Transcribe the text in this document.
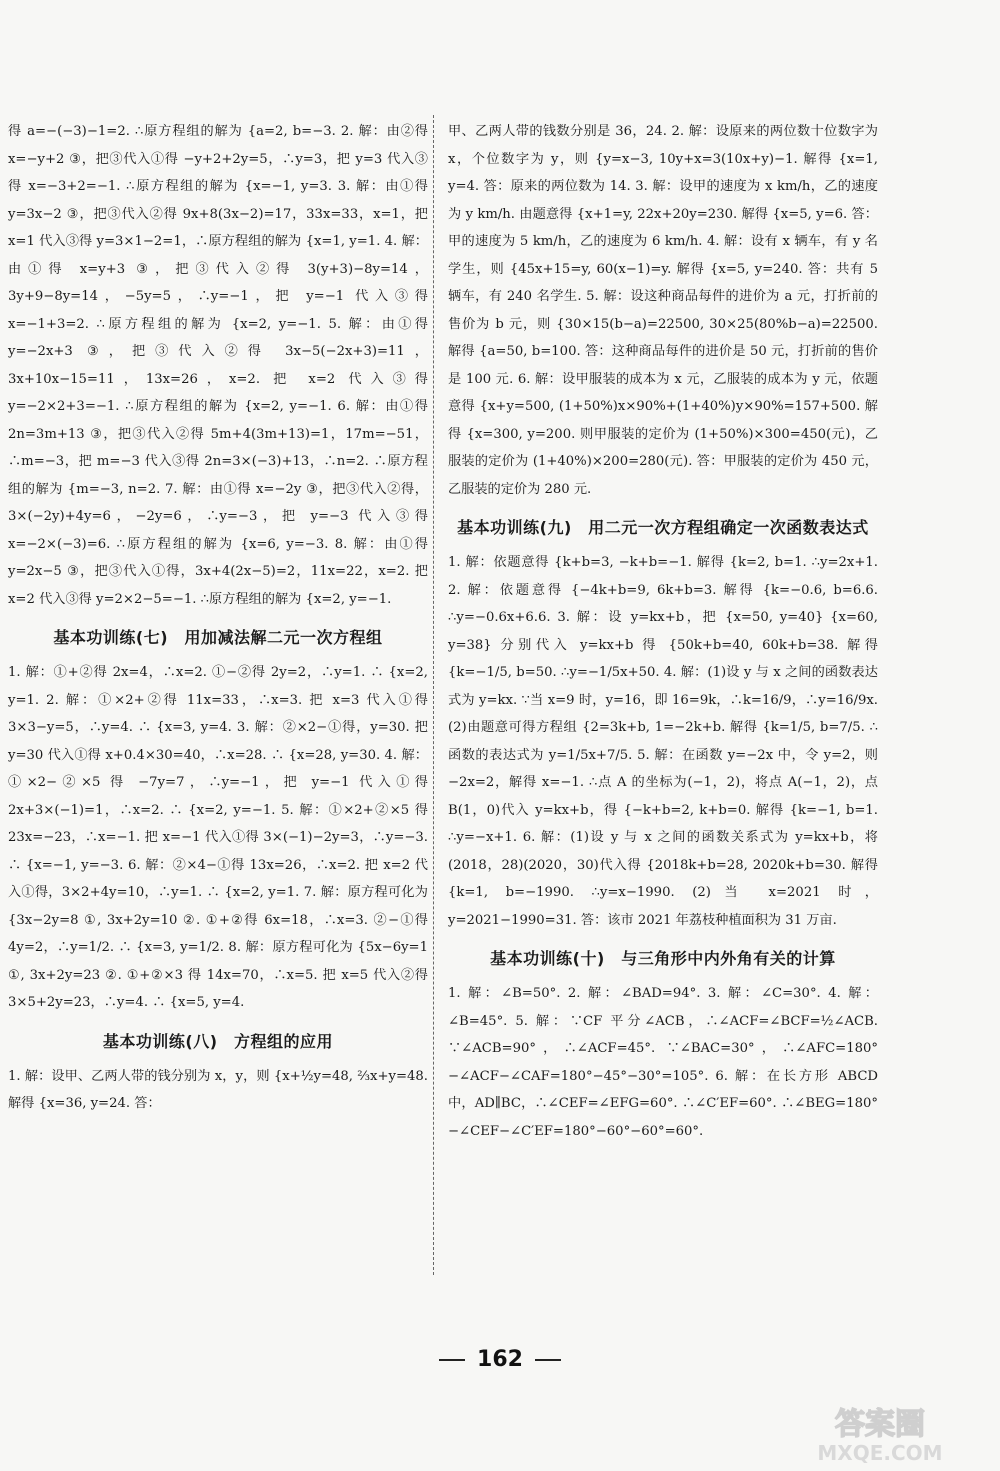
得 a=−(−3)−1=2. ∴原方程组的解为 {a=2, b=−3. 2. 解：由②得 x=−y+2 ③，把③代入①得 −y+2+2y=5，∴y=3，把 y=3 代入③得 x=−3+2=−1. ∴原方程组的解为 {x=−1, y=3. 3. 解：由①得 y=3x−2 ③，把③代入②得 9x+8(3x−2)=17，33x=33，x=1，把 x=1 代入③得 y=3×1−2=1，∴原方程组的解为 {x=1, y=1. 4. 解：由①得 x=y+3 ③，把③代入②得 3(y+3)−8y=14，3y+9−8y=14，−5y=5，∴y=−1，把 y=−1 代入③得 x=−1+3=2. ∴原方程组的解为 {x=2, y=−1. 5. 解：由①得 y=−2x+3 ③，把③代入②得 3x−5(−2x+3)=11，3x+10x−15=11，13x=26，x=2. 把 x=2 代入③得 y=−2×2+3=−1. ∴原方程组的解为 {x=2, y=−1. 6. 解：由①得 2n=3m+13 ③，把③代入②得 5m+4(3m+13)=1，17m=−51，∴m=−3，把 m=−3 代入③得 2n=3×(−3)+13，∴n=2. ∴原方程组的解为 {m=−3, n=2. 7. 解：由①得 x=−2y ③，把③代入②得，3×(−2y)+4y=6，−2y=6，∴y=−3，把 y=−3 代入③得 x=−2×(−3)=6. ∴原方程组的解为 {x=6, y=−3. 8. 解：由①得 y=2x−5 ③，把③代入①得，3x+4(2x−5)=2，11x=22，x=2. 把 x=2 代入③得 y=2×2−5=−1. ∴原方程组的解为 {x=2, y=−1.

基本功训练(七)　用加减法解二元一次方程组

1. 解：①+②得 2x=4，∴x=2. ①−②得 2y=2，∴y=1. ∴ {x=2, y=1. 2. 解：①×2+②得 11x=33，∴x=3. 把 x=3 代入①得 3×3−y=5，∴y=4. ∴ {x=3, y=4. 3. 解：②×2−①得，y=30. 把 y=30 代入①得 x+0.4×30=40，∴x=28. ∴ {x=28, y=30. 4. 解：①×2−②×5 得 −7y=7，∴y=−1，把 y=−1 代入①得 2x+3×(−1)=1，∴x=2. ∴ {x=2, y=−1. 5. 解：①×2+②×5 得 23x=−23，∴x=−1. 把 x=−1 代入①得 3×(−1)−2y=3，∴y=−3. ∴ {x=−1, y=−3. 6. 解：②×4−①得 13x=26，∴x=2. 把 x=2 代入①得，3×2+4y=10，∴y=1. ∴ {x=2, y=1. 7. 解：原方程可化为 {3x−2y=8 ①, 3x+2y=10 ②. ①+②得 6x=18，∴x=3. ②−①得 4y=2，∴y=1/2. ∴ {x=3, y=1/2. 8. 解：原方程可化为 {5x−6y=1 ①, 3x+2y=23 ②. ①+②×3 得 14x=70，∴x=5. 把 x=5 代入②得 3×5+2y=23，∴y=4. ∴ {x=5, y=4.

基本功训练(八)　方程组的应用

1. 解：设甲、乙两人带的钱分别为 x，y，则 {x+½y=48, ⅔x+y=48. 解得 {x=36, y=24. 答：

甲、乙两人带的钱数分别是 36，24. 2. 解：设原来的两位数十位数字为 x，个位数字为 y，则 {y=x−3, 10y+x=3(10x+y)−1. 解得 {x=1, y=4. 答：原来的两位数为 14. 3. 解：设甲的速度为 x km/h，乙的速度为 y km/h. 由题意得 {x+1=y, 22x+20y=230. 解得 {x=5, y=6. 答：甲的速度为 5 km/h，乙的速度为 6 km/h. 4. 解：设有 x 辆车，有 y 名学生，则 {45x+15=y, 60(x−1)=y. 解得 {x=5, y=240. 答：共有 5 辆车，有 240 名学生. 5. 解：设这种商品每件的进价为 a 元，打折前的售价为 b 元，则 {30×15(b−a)=22500, 30×25(80%b−a)=22500. 解得 {a=50, b=100. 答：这种商品每件的进价是 50 元，打折前的售价是 100 元. 6. 解：设甲服装的成本为 x 元，乙服装的成本为 y 元，依题意得 {x+y=500, (1+50%)x×90%+(1+40%)y×90%=157+500. 解得 {x=300, y=200. 则甲服装的定价为 (1+50%)×300=450(元)，乙服装的定价为 (1+40%)×200=280(元). 答：甲服装的定价为 450 元，乙服装的定价为 280 元.

基本功训练(九)　用二元一次方程组确定一次函数表达式

1. 解：依题意得 {k+b=3, −k+b=−1. 解得 {k=2, b=1. ∴y=2x+1. 2. 解：依题意得 {−4k+b=9, 6k+b=3. 解得 {k=−0.6, b=6.6. ∴y=−0.6x+6.6. 3. 解：设 y=kx+b，把 {x=50, y=40} {x=60, y=38} 分别代入 y=kx+b 得 {50k+b=40, 60k+b=38. 解得 {k=−1/5, b=50. ∴y=−1/5x+50. 4. 解：(1)设 y 与 x 之间的函数表达式为 y=kx. ∵当 x=9 时，y=16，即 16=9k，∴k=16/9，∴y=16/9x. (2)由题意可得方程组 {2=3k+b, 1=−2k+b. 解得 {k=1/5, b=7/5. ∴函数的表达式为 y=1/5x+7/5. 5. 解：在函数 y=−2x 中，令 y=2，则 −2x=2，解得 x=−1. ∴点 A 的坐标为(−1，2)，将点 A(−1，2)，点 B(1，0)代入 y=kx+b，得 {−k+b=2, k+b=0. 解得 {k=−1, b=1. ∴y=−x+1. 6. 解：(1)设 y 与 x 之间的函数关系式为 y=kx+b，将(2018，28)(2020，30)代入得 {2018k+b=28, 2020k+b=30. 解得 {k=1, b=−1990. ∴y=x−1990. (2)当 x=2021 时，y=2021−1990=31. 答：该市 2021 年荔枝种植面积为 31 万亩.

基本功训练(十)　与三角形中内外角有关的计算

1. 解：∠B=50°. 2. 解：∠BAD=94°. 3. 解：∠C=30°. 4. 解：∠B=45°. 5. 解：∵CF 平分∠ACB，∴∠ACF=∠BCF=½∠ACB. ∵∠ACB=90°，∴∠ACF=45°. ∵∠BAC=30°，∴∠AFC=180°−∠ACF−∠CAF=180°−45°−30°=105°. 6. 解：在长方形 ABCD 中，AD∥BC，∴∠CEF=∠EFG=60°. ∴∠C′EF=60°. ∴∠BEG=180°−∠CEF−∠C′EF=180°−60°−60°=60°.

162
答案圈
MXQE.COM
